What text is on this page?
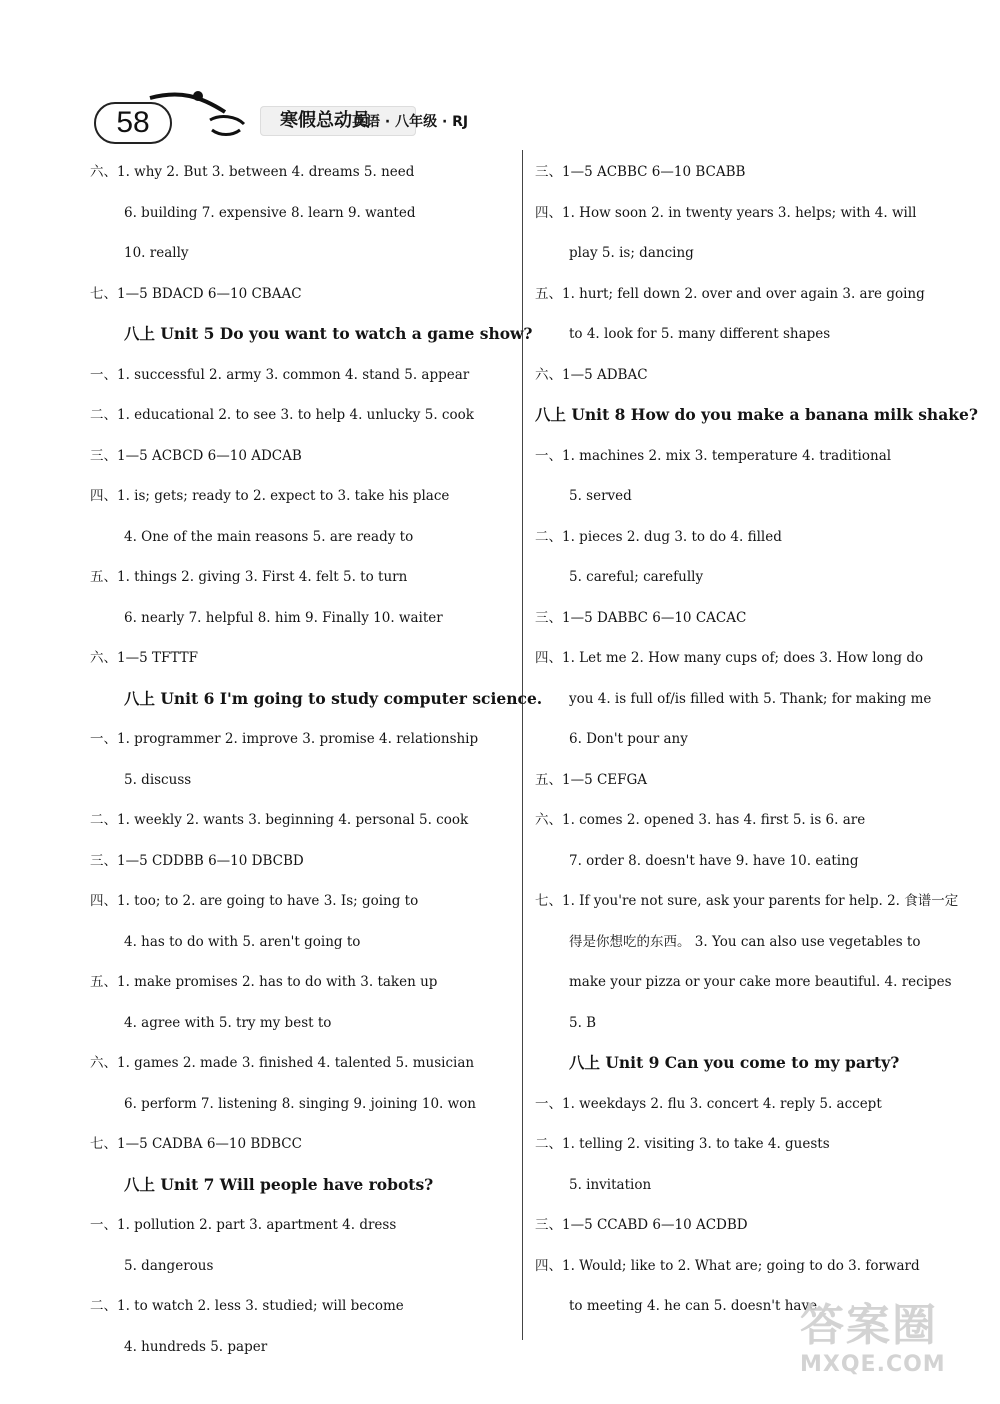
58	寒假总动员
英语 · 八年级 · RJ
六、1. why 2. But 3. between 4. dreams 5. need
6. building 7. expensive 8. learn 9. wanted
10. really
七、1—5 BDACD 6—10 CBAAC
八上 Unit 5 Do you want to watch a game show?
一、1. successful 2. army 3. common 4. stand 5. appear
二、1. educational 2. to see 3. to help 4. unlucky 5. cook
三、1—5 ACBCD 6—10 ADCAB
四、1. is; gets; ready to 2. expect to 3. take his place
4. One of the main reasons 5. are ready to
五、1. things 2. giving 3. First 4. felt 5. to turn
6. nearly 7. helpful 8. him 9. Finally 10. waiter
六、1—5 TFTTF
八上 Unit 6 I'm going to study computer science.
一、1. programmer 2. improve 3. promise 4. relationship
5. discuss
二、1. weekly 2. wants 3. beginning 4. personal 5. cook
三、1—5 CDDBB 6—10 DBCBD
四、1. too; to 2. are going to have 3. Is; going to
4. has to do with 5. aren't going to
五、1. make promises 2. has to do with 3. taken up
4. agree with 5. try my best to
六、1. games 2. made 3. finished 4. talented 5. musician
6. perform 7. listening 8. singing 9. joining 10. won
七、1—5 CADBA 6—10 BDBCC
八上 Unit 7 Will people have robots?
一、1. pollution 2. part 3. apartment 4. dress
5. dangerous
二、1. to watch 2. less 3. studied; will become
4. hundreds 5. paper
三、1—5 ACBBC 6—10 BCABB
四、1. How soon 2. in twenty years 3. helps; with 4. will
play 5. is; dancing
五、1. hurt; fell down 2. over and over again 3. are going
to 4. look for 5. many different shapes
六、1—5 ADBAC
八上 Unit 8 How do you make a banana milk shake?
一、1. machines 2. mix 3. temperature 4. traditional
5. served
二、1. pieces 2. dug 3. to do 4. filled
5. careful; carefully
三、1—5 DABBC 6—10 CACAC
四、1. Let me 2. How many cups of; does 3. How long do
you 4. is full of/is filled with 5. Thank; for making me
6. Don't pour any
五、1—5 CEFGA
六、1. comes 2. opened 3. has 4. first 5. is 6. are
7. order 8. doesn't have 9. have 10. eating
七、1. If you're not sure, ask your parents for help. 2. 食谱一定
得是你想吃的东西。 3. You can also use vegetables to
make your pizza or your cake more beautiful. 4. recipes
5. B
八上 Unit 9 Can you come to my party?
一、1. weekdays 2. flu 3. concert 4. reply 5. accept
二、1. telling 2. visiting 3. to take 4. guests
5. invitation
三、1—5 CCABD 6—10 ACDBD
四、1. Would; like to 2. What are; going to do 3. forward
to meeting 4. he can 5. doesn't have
答案圈
MXQE.COM
